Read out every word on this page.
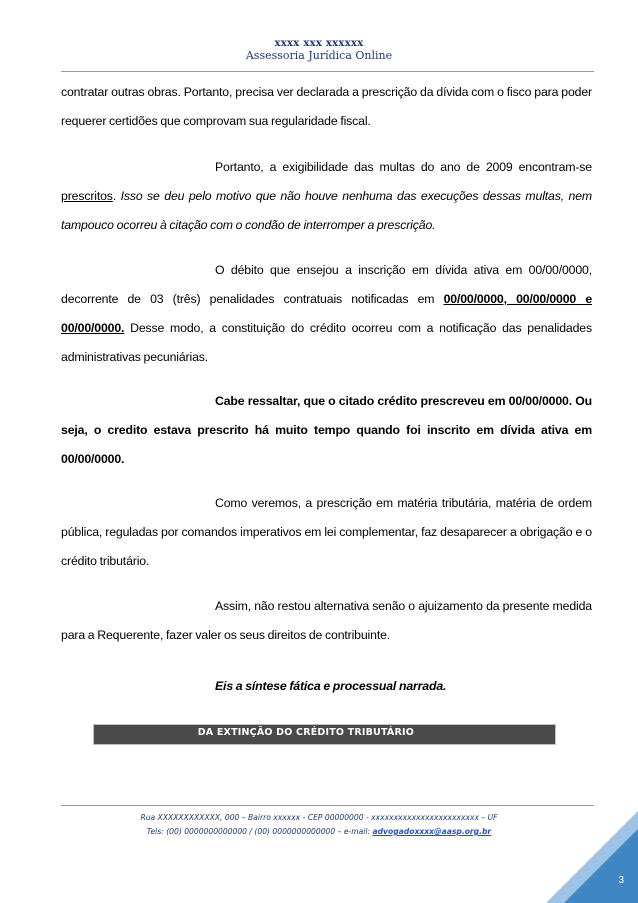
xxxx xxx xxxxxx
Assessoria Jurídica Online
contratar outras obras. Portanto, precisa ver declarada a prescrição da dívida com o fisco para poder requerer certidões que comprovam sua regularidade fiscal.
Portanto, a exigibilidade das multas do ano de 2009 encontram-se prescritos. Isso se deu pelo motivo que não houve nenhuma das execuções dessas multas, nem tampouco ocorreu à citação com o condão de interromper a prescrição.
O débito que ensejou a inscrição em dívida ativa em 00/00/0000, decorrente de 03 (três) penalidades contratuais notificadas em 00/00/0000, 00/00/0000 e 00/00/0000. Desse modo, a constituição do crédito ocorreu com a notificação das penalidades administrativas pecuniárias.
Cabe ressaltar, que o citado crédito prescreveu em 00/00/0000. Ou seja, o credito estava prescrito há muito tempo quando foi inscrito em dívida ativa em 00/00/0000.
Como veremos, a prescrição em matéria tributária, matéria de ordem pública, reguladas por comandos imperativos em lei complementar, faz desaparecer a obrigação e o crédito tributário.
Assim, não restou alternativa senão o ajuizamento da presente medida para a Requerente, fazer valer os seus direitos de contribuinte.
Eis a síntese fática e processual narrada.
DA EXTINÇÃO DO CRÉDITO TRIBUTÁRIO
Rua XXXXXXXXXXXX, 000 – Bairro xxxxxx - CEP 00000000 - xxxxxxxxxxxxxxxxxxxxxxxx – UF
Tels: (00) 0000000000000 / (00) 0000000000000 – e-mail: advogadoxxxx@aasp.org.br
3
